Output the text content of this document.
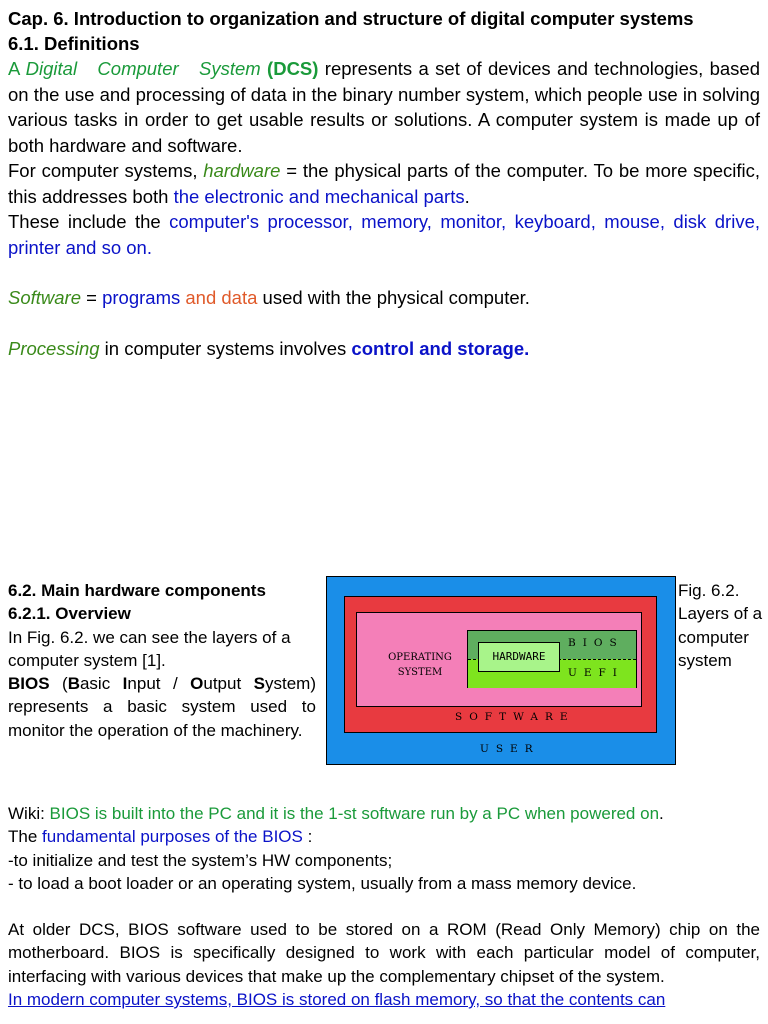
Cap. 6. Introduction to organization and structure of digital computer systems
6.1. Definitions
A Digital Computer System (DCS) represents a set of devices and technologies, based on the use and processing of data in the binary number system, which people use in solving various tasks in order to get usable results or solutions. A computer system is made up of both hardware and software.
For computer systems, hardware = the physical parts of the computer. To be more specific, this addresses both the electronic and mechanical parts.
These include the computer's processor, memory, monitor, keyboard, mouse, disk drive, printer and so on.
Software = programs and data used with the physical computer.
Processing in computer systems involves control and storage.
6.2. Main hardware components
6.2.1. Overview
In Fig. 6.2. we can see the layers of a computer system [1].
BIOS (Basic Input / Output System) represents a basic system used to monitor the operation of the machinery.
OPERATING
SYSTEM
BIOS
UEFI
HARDWARE
SOFTWARE
USER
Fig. 6.2. Layers of a computer system
Wiki: BIOS is built into the PC and it is the 1-st software run by a PC when powered on.
The fundamental purposes of the BIOS :
-to initialize and test the system’s HW components;
- to load a boot loader or an operating system, usually from a mass memory device.
At older DCS, BIOS software used to be stored on a ROM (Read Only Memory) chip on the motherboard. BIOS is specifically designed to work with each particular model of computer, interfacing with various devices that make up the complementary chipset of the system.
In modern computer systems, BIOS is stored on flash memory, so that the contents can
